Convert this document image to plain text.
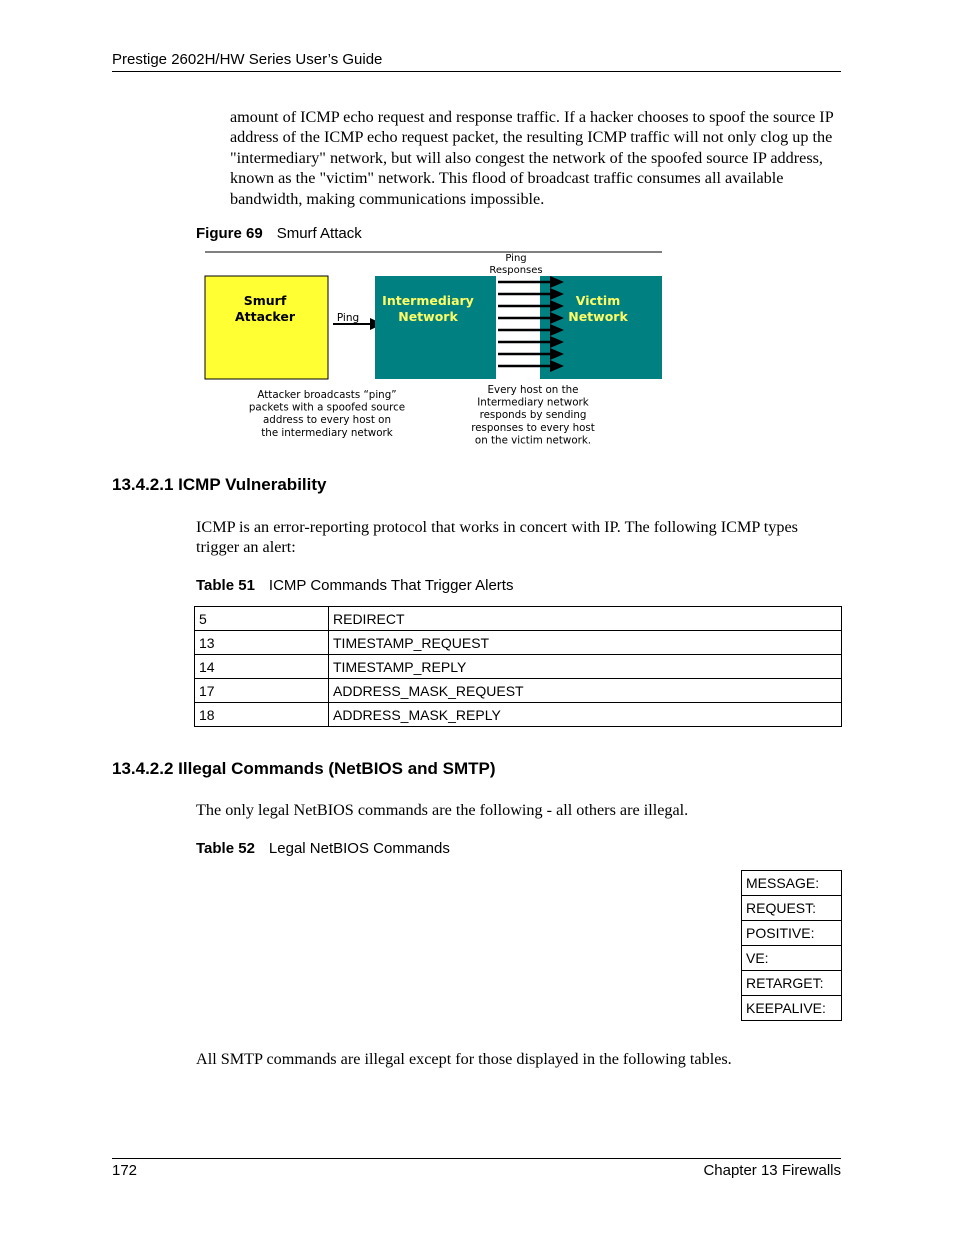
Prestige 2602H/HW Series User’s Guide
amount of ICMP echo request and response traffic. If a hacker chooses to spoof the source IP address of the ICMP echo request packet, the resulting ICMP traffic will not only clog up the "intermediary" network, but will also congest the network of the spoofed source IP address, known as the "victim" network. This flood of broadcast traffic consumes all available bandwidth, making communications impossible.
Figure 69 Smurf Attack
Smurf
Attacker	Ping
Intermediary
Network
Victim
Network
Ping
Responses
Attacker broadcasts “ping”
packets with a spoofed source
address to every host on
the intermediary network
Every host on the
Intermediary network
responds by sending
responses to every host
on the victim network.
13.4.2.1 ICMP Vulnerability
ICMP is an error-reporting protocol that works in concert with IP. The following ICMP types trigger an alert:
Table 51 ICMP Commands That Trigger Alerts
5	REDIRECT
13	TIMESTAMP_REQUEST
14	TIMESTAMP_REPLY
17	ADDRESS_MASK_REQUEST
18	ADDRESS_MASK_REPLY
13.4.2.2 Illegal Commands (NetBIOS and SMTP)
The only legal NetBIOS commands are the following - all others are illegal.
Table 52 Legal NetBIOS Commands
MESSAGE:
REQUEST:
POSITIVE:
VE:
RETARGET:
KEEPALIVE:
All SMTP commands are illegal except for those displayed in the following tables.
172	Chapter 13 Firewalls
